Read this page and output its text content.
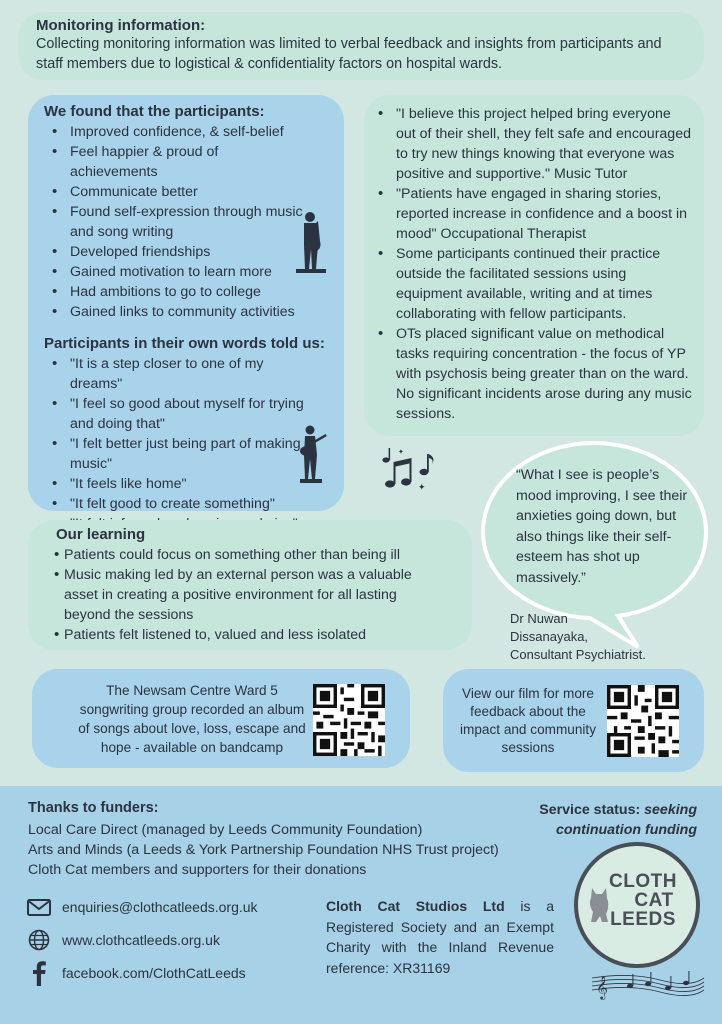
Monitoring information:

Collecting monitoring information was limited to verbal feedback and insights from participants and staff members due to logistical & confidentiality factors on hospital wards.

We found that the participants:
• Improved confidence, & self-belief
• Feel happier & proud of achievements
• Communicate better
• Found self-expression through music and song writing
• Developed friendships
• Gained motivation to learn more
• Had ambitions to go to college
• Gained links to community activities
Participants in their own words told us:
• "It is a step closer to one of my dreams"
• "I feel so good about myself for trying and doing that"
• "I felt better just being part of making music"
• "It feels like home"
• "It felt good to create something"
•
• "I believe this project helped bring everyone out of their shell, they felt safe and encouraged to try new things knowing that everyone was positive and supportive." Music Tutor
• "Patients have engaged in sharing stories, reported increase in confidence and a boost in mood" Occupational Therapist
• Some participants continued their practice outside the facilitated sessions using equipment available, writing and at times collaborating with fellow participants.
• OTs placed significant value on methodical tasks requiring concentration - the focus of YP with psychosis being greater than on the ward. No significant incidents arose during any music sessions.
✦
✦
Our learning
• Patients could focus on something other than being ill
• Music making led by an external person was a valuable asset in creating a positive environment for all lasting beyond the sessions
• Patients felt listened to, valued and less isolated

“What I see is people’s mood improving, I see their anxieties going down, but also things like their self-esteem has shot up massively.”

Dr Nuwan

Dissanayaka,

Consultant Psychiatrist.

The Newsam Centre Ward 5 songwriting group recorded an album of songs about love, loss, escape and hope - available on bandcamp

View our film for more feedback about the impact and community sessions

Thanks to funders:

Local Care Direct (managed by Leeds Community Foundation)

Arts and Minds (a Leeds & York Partnership Foundation NHS Trust project)

Cloth Cat members and supporters for their donations

Service status: seeking
continuation funding
enquiries@clothcatleeds.org.uk
www.clothcatleeds.org.uk
facebook.com/ClothCatLeeds

Cloth Cat Studios Ltd is a Registered Society and an Exempt Charity with the Inland Revenue reference: XR31169

CLOTH
CAT
LEEDS
𝄞
